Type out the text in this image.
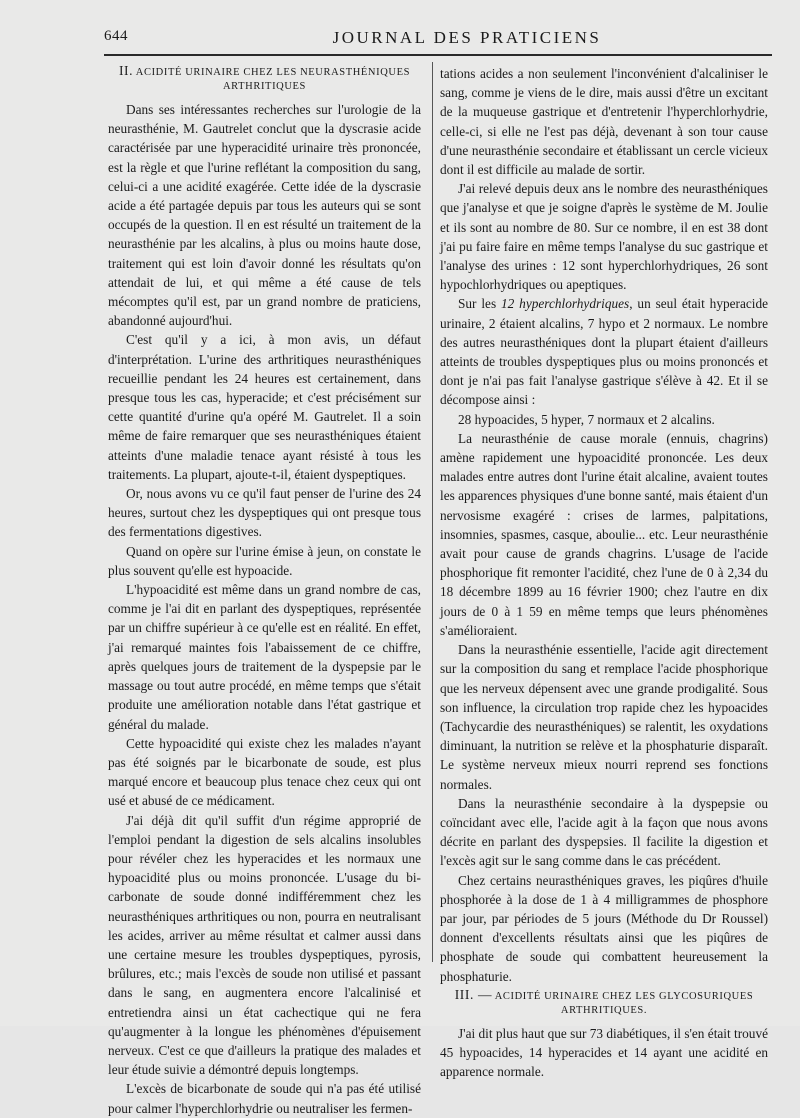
644	JOURNAL DES PRATICIENS
II. ACIDITÉ URINAIRE CHEZ LES NEURASTHÉNIQUES ARTHRITIQUES

Dans ses intéressantes recherches sur l'urologie de la neurasthénie, M. Gautrelet conclut que la dyscrasie acide caractérisée par une hyperacidité urinaire très prononcée, est la règle et que l'urine reflétant la composition du sang, celui-ci a une acidité exagérée. Cette idée de la dyscrasie acide a été partagée depuis par tous les auteurs qui se sont occupés de la question. Il en est résulté un traitement de la neurasthénie par les alcalins, à plus ou moins haute dose, traitement qui est loin d'avoir donné les résultats qu'on attendait de lui, et qui même a été cause de tels mécomptes qu'il est, par un grand nombre de praticiens, abandonné aujourd'hui.

C'est qu'il y a ici, à mon avis, un défaut d'interprétation. L'urine des arthritiques neurasthéniques recueillie pendant les 24 heures est certainement, dans presque tous les cas, hyperacide; et c'est précisément sur cette quantité d'urine qu'a opéré M. Gautrelet. Il a soin même de faire remarquer que ses neurasthéniques étaient atteints d'une maladie tenace ayant résisté à tous les traitements. La plupart, ajoute-t-il, étaient dyspeptiques.

Or, nous avons vu ce qu'il faut penser de l'urine des 24 heures, surtout chez les dyspeptiques qui ont presque tous des fermentations digestives.

Quand on opère sur l'urine émise à jeun, on constate le plus souvent qu'elle est hypoacide.

L'hypoacidité est même dans un grand nombre de cas, comme je l'ai dit en parlant des dyspeptiques, représentée par un chiffre supérieur à ce qu'elle est en réalité. En effet, j'ai remarqué maintes fois l'abaissement de ce chiffre, après quelques jours de traitement de la dyspepsie par le massage ou tout autre procédé, en même temps que s'était produite une amélioration notable dans l'état gastrique et général du malade.

Cette hypoacidité qui existe chez les malades n'ayant pas été soignés par le bicarbonate de soude, est plus marqué encore et beaucoup plus tenace chez ceux qui ont usé et abusé de ce médicament.

J'ai déjà dit qu'il suffit d'un régime approprié de l'emploi pendant la digestion de sels alcalins insolubles pour révéler chez les hyperacides et les normaux une hypoacidité plus ou moins prononcée. L'usage du bi-carbonate de soude donné indifféremment chez les neurasthéniques arthritiques ou non, pourra en neutralisant les acides, arriver au même résultat et calmer aussi dans une certaine mesure les troubles dyspeptiques, pyrosis, brûlures, etc.; mais l'excès de soude non utilisé et passant dans le sang, en augmentera encore l'alcalinisé et entretiendra ainsi un état cachectique qui ne fera qu'augmenter à la longue les phénomènes d'épuisement nerveux. C'est ce que d'ailleurs la pratique des malades et leur étude suivie a démontré depuis longtemps.

L'excès de bicarbonate de soude qui n'a pas été utilisé pour calmer l'hyperchlorhydrie ou neutraliser les fermen-

tations acides a non seulement l'inconvénient d'alcaliniser le sang, comme je viens de le dire, mais aussi d'être un excitant de la muqueuse gastrique et d'entretenir l'hyperchlorhydrie, celle-ci, si elle ne l'est pas déjà, devenant à son tour cause d'une neurasthénie secondaire et établissant un cercle vicieux dont il est difficile au malade de sortir.

J'ai relevé depuis deux ans le nombre des neurasthéniques que j'analyse et que je soigne d'après le système de M. Joulie et ils sont au nombre de 80. Sur ce nombre, il en est 38 dont j'ai pu faire faire en même temps l'analyse du suc gastrique et l'analyse des urines : 12 sont hyperchlorhydriques, 26 sont hypochlorhydriques ou apeptiques.

Sur les 12 hyperchlorhydriques, un seul était hyperacide urinaire, 2 étaient alcalins, 7 hypo et 2 normaux. Le nombre des autres neurasthéniques dont la plupart étaient d'ailleurs atteints de troubles dyspeptiques plus ou moins prononcés et dont je n'ai pas fait l'analyse gastrique s'élève à 42. Et il se décompose ainsi :

28 hypoacides, 5 hyper, 7 normaux et 2 alcalins.

La neurasthénie de cause morale (ennuis, chagrins) amène rapidement une hypoacidité prononcée. Les deux malades entre autres dont l'urine était alcaline, avaient toutes les apparences physiques d'une bonne santé, mais étaient d'un nervosisme exagéré : crises de larmes, palpitations, insomnies, spasmes, casque, aboulie... etc. Leur neurasthénie avait pour cause de grands chagrins. L'usage de l'acide phosphorique fit remonter l'acidité, chez l'une de 0 à 2,34 du 18 décembre 1899 au 16 février 1900; chez l'autre en dix jours de 0 à 1 59 en même temps que leurs phénomènes s'amélioraient.

Dans la neurasthénie essentielle, l'acide agit directement sur la composition du sang et remplace l'acide phosphorique que les nerveux dépensent avec une grande prodigalité. Sous son influence, la circulation trop rapide chez les hypoacides (Tachycardie des neurasthéniques) se ralentit, les oxydations diminuant, la nutrition se relève et la phosphaturie disparaît. Le système nerveux mieux nourri reprend ses fonctions normales.

Dans la neurasthénie secondaire à la dyspepsie ou coïncidant avec elle, l'acide agit à la façon que nous avons décrite en parlant des dyspepsies. Il facilite la digestion et l'excès agit sur le sang comme dans le cas précédent.

Chez certains neurasthéniques graves, les piqûres d'huile phosphorée à la dose de 1 à 4 milligrammes de phosphore par jour, par périodes de 5 jours (Méthode du Dr Roussel) donnent d'excellents résultats ainsi que les piqûres de phosphate de soude qui combattent heureusement la phosphaturie.

III. — ACIDITÉ URINAIRE CHEZ LES GLYCOSURIQUES ARTHRITIQUES.

J'ai dit plus haut que sur 73 diabétiques, il s'en était trouvé 45 hypoacides, 14 hyperacides et 14 ayant une acidité en apparence normale.
